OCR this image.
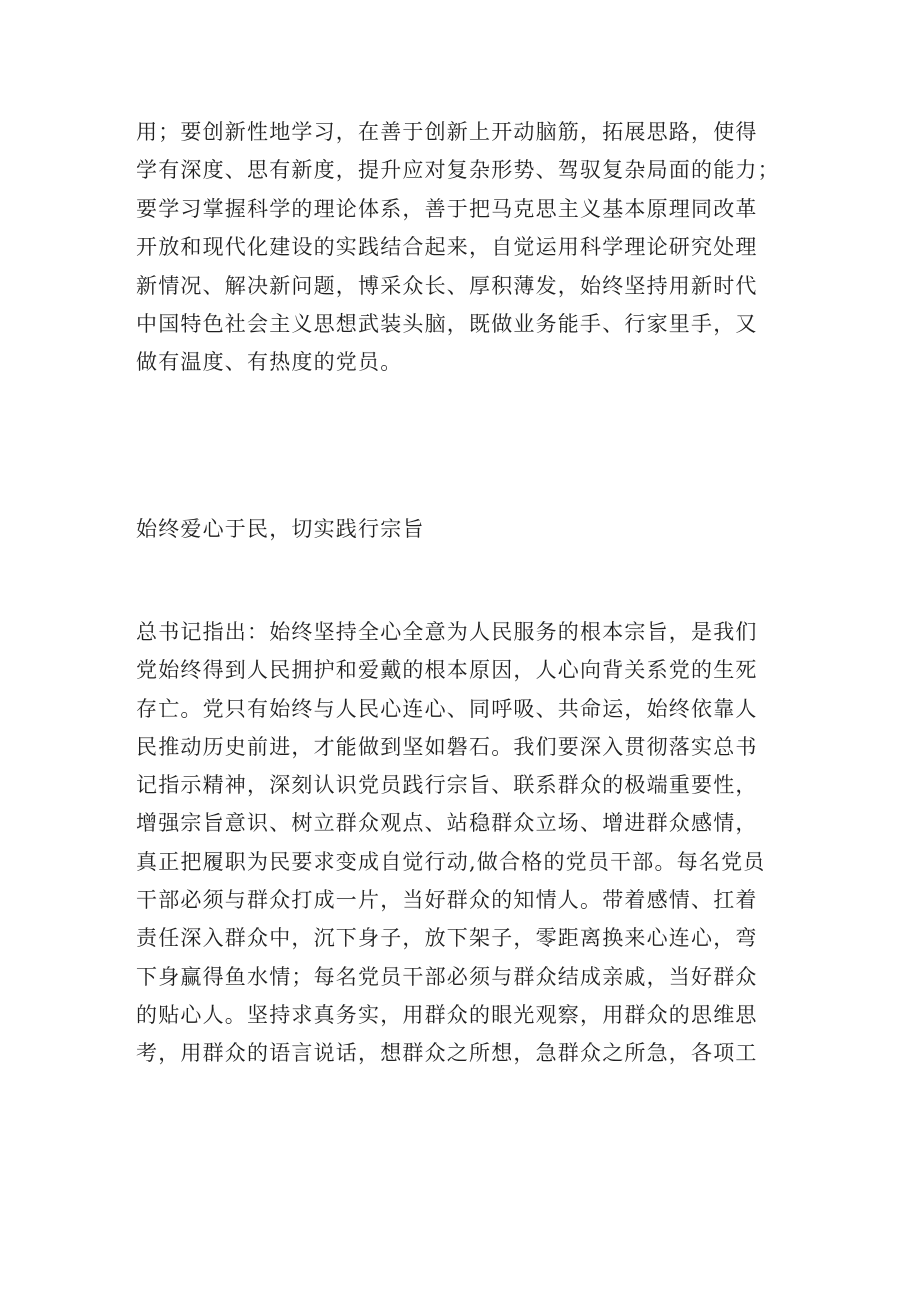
用；要创新性地学习，在善于创新上开动脑筋，拓展思路，使得
学有深度、思有新度，提升应对复杂形势、驾驭复杂局面的能力；
要学习掌握科学的理论体系，善于把马克思主义基本原理同改革
开放和现代化建设的实践结合起来，自觉运用科学理论研究处理
新情况、解决新问题，博采众长、厚积薄发，始终坚持用新时代
中国特色社会主义思想武装头脑，既做业务能手、行家里手，又
做有温度、有热度的党员。
始终爱心于民，切实践行宗旨
总书记指出：始终坚持全心全意为人民服务的根本宗旨，是我们
党始终得到人民拥护和爱戴的根本原因，人心向背关系党的生死
存亡。党只有始终与人民心连心、同呼吸、共命运，始终依靠人
民推动历史前进，才能做到坚如磐石。我们要深入贯彻落实总书
记指示精神，深刻认识党员践行宗旨、联系群众的极端重要性，
增强宗旨意识、树立群众观点、站稳群众立场、增进群众感情，
真正把履职为民要求变成自觉行动,做合格的党员干部。每名党员
干部必须与群众打成一片，当好群众的知情人。带着感情、扛着
责任深入群众中，沉下身子，放下架子，零距离换来心连心，弯
下身赢得鱼水情；每名党员干部必须与群众结成亲戚，当好群众
的贴心人。坚持求真务实，用群众的眼光观察，用群众的思维思
考，用群众的语言说话，想群众之所想，急群众之所急，各项工
